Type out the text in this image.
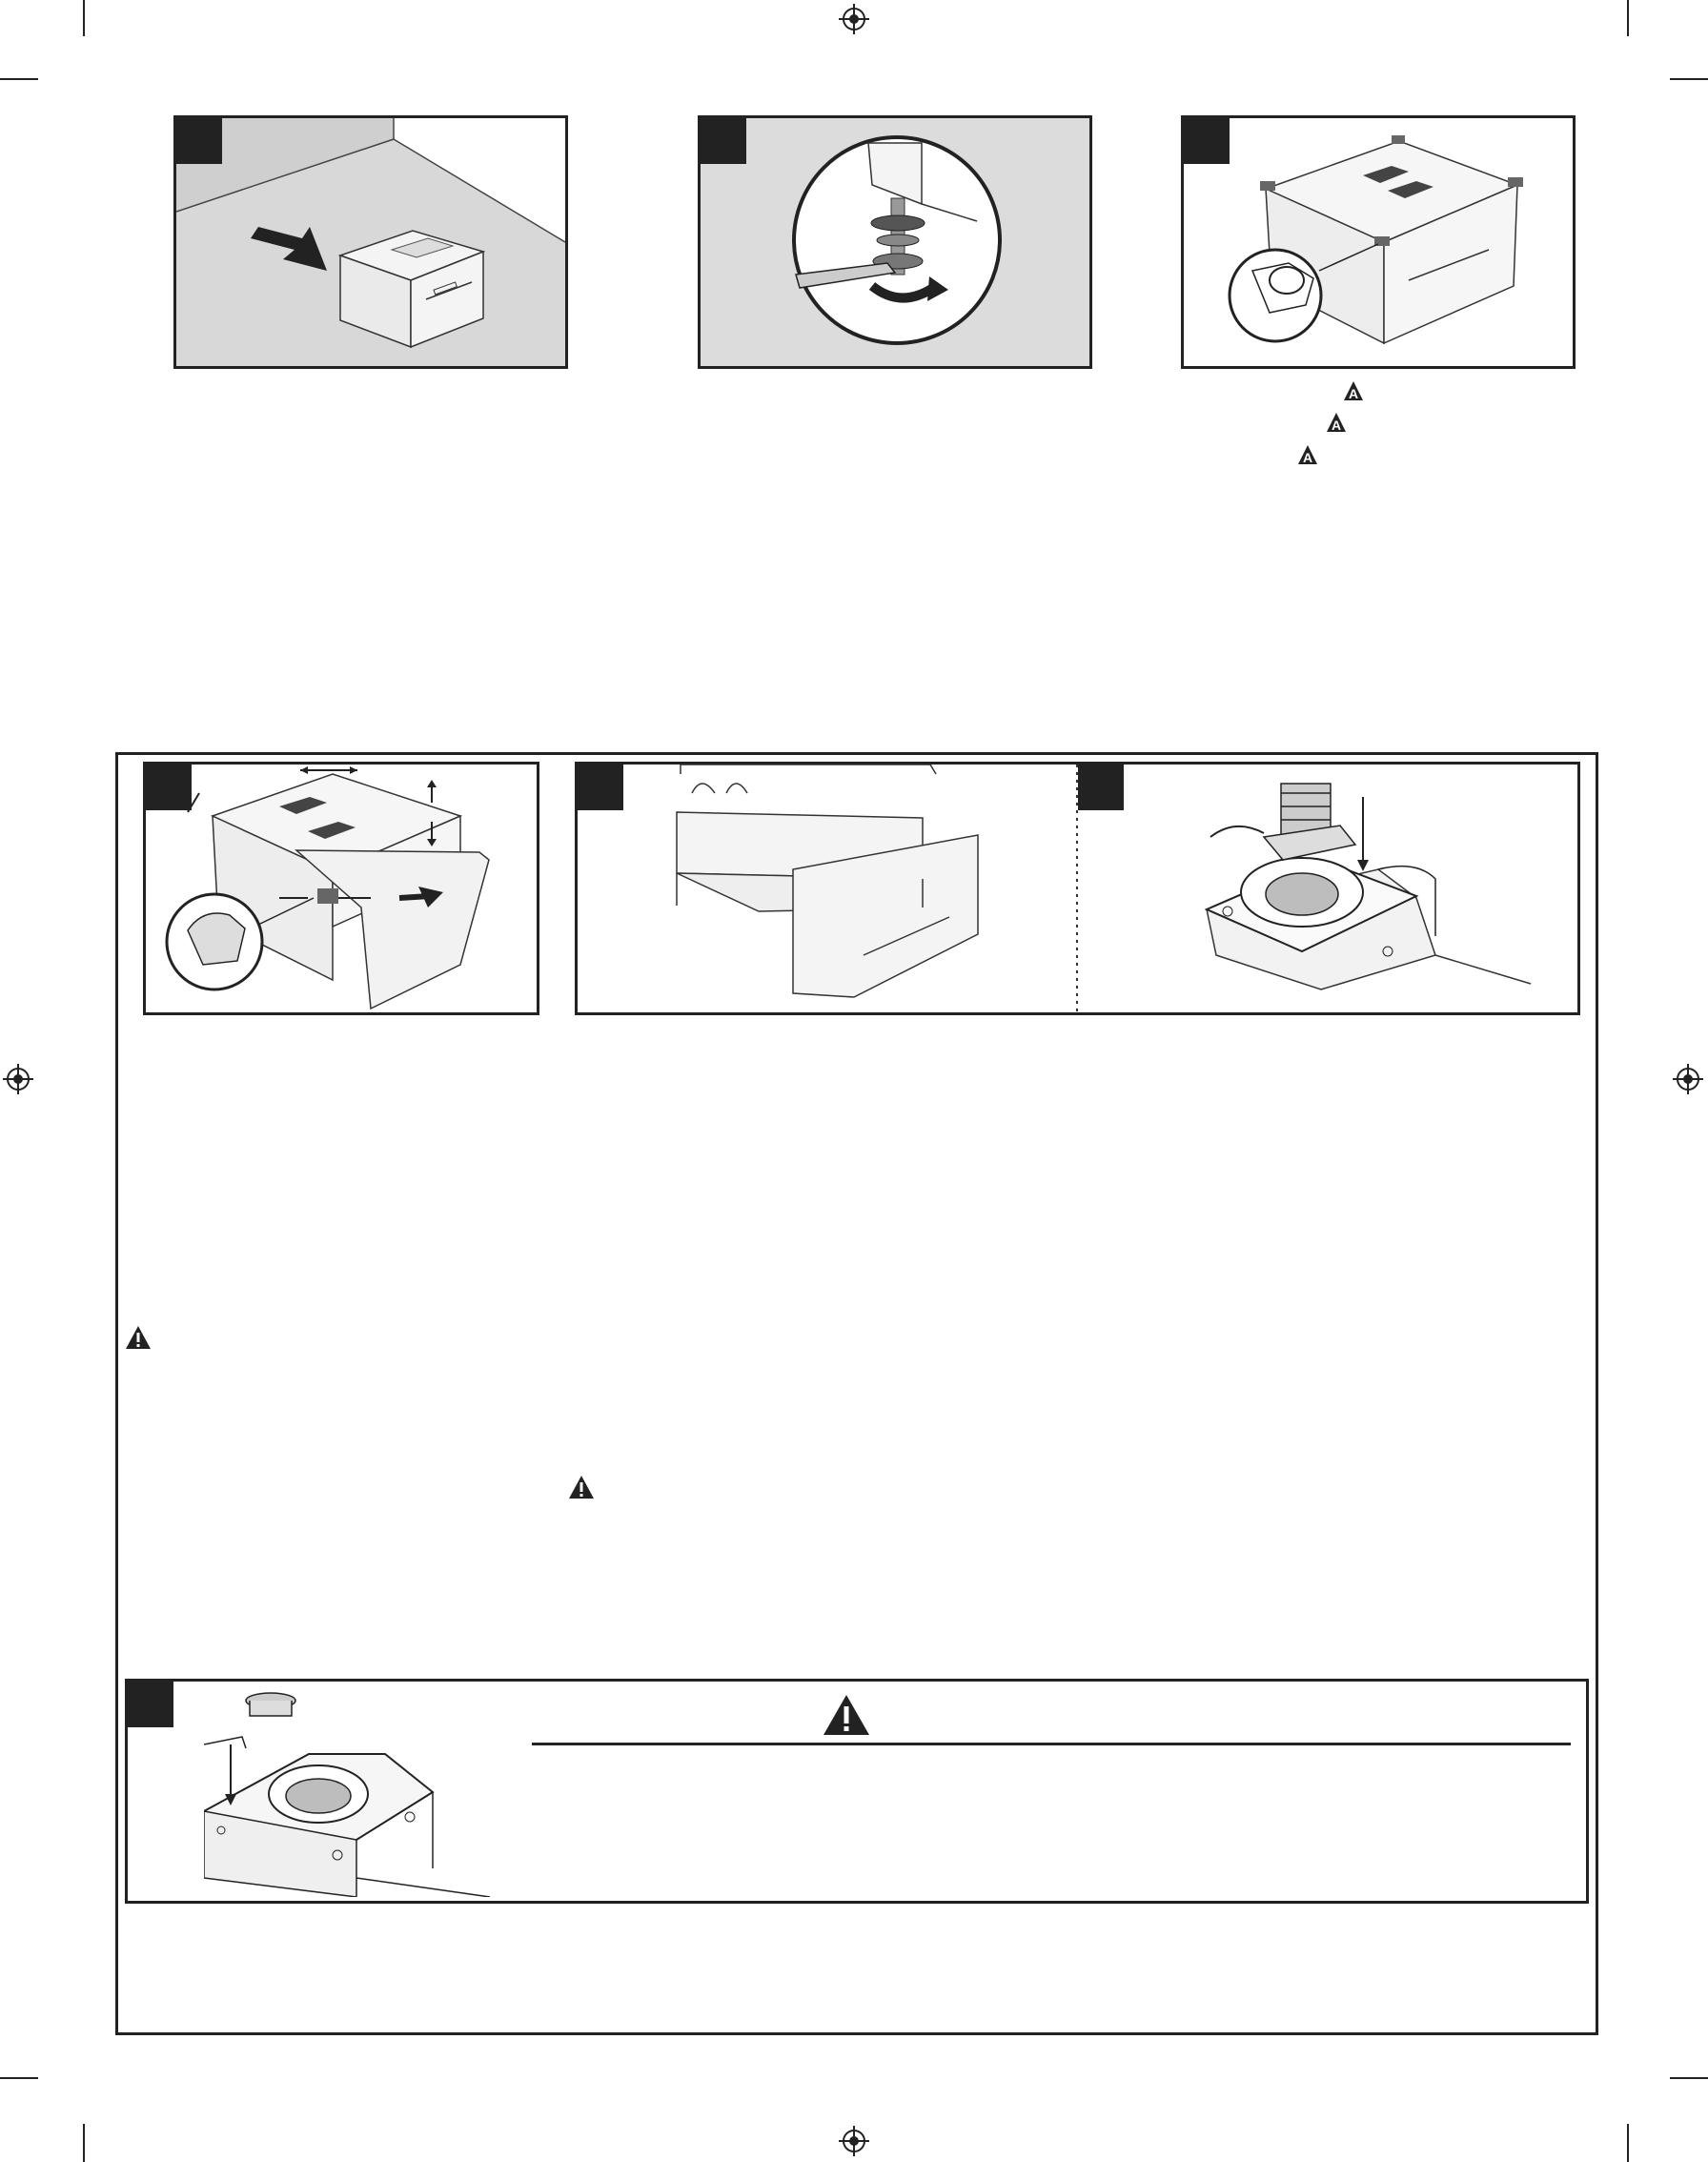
A
A
A
